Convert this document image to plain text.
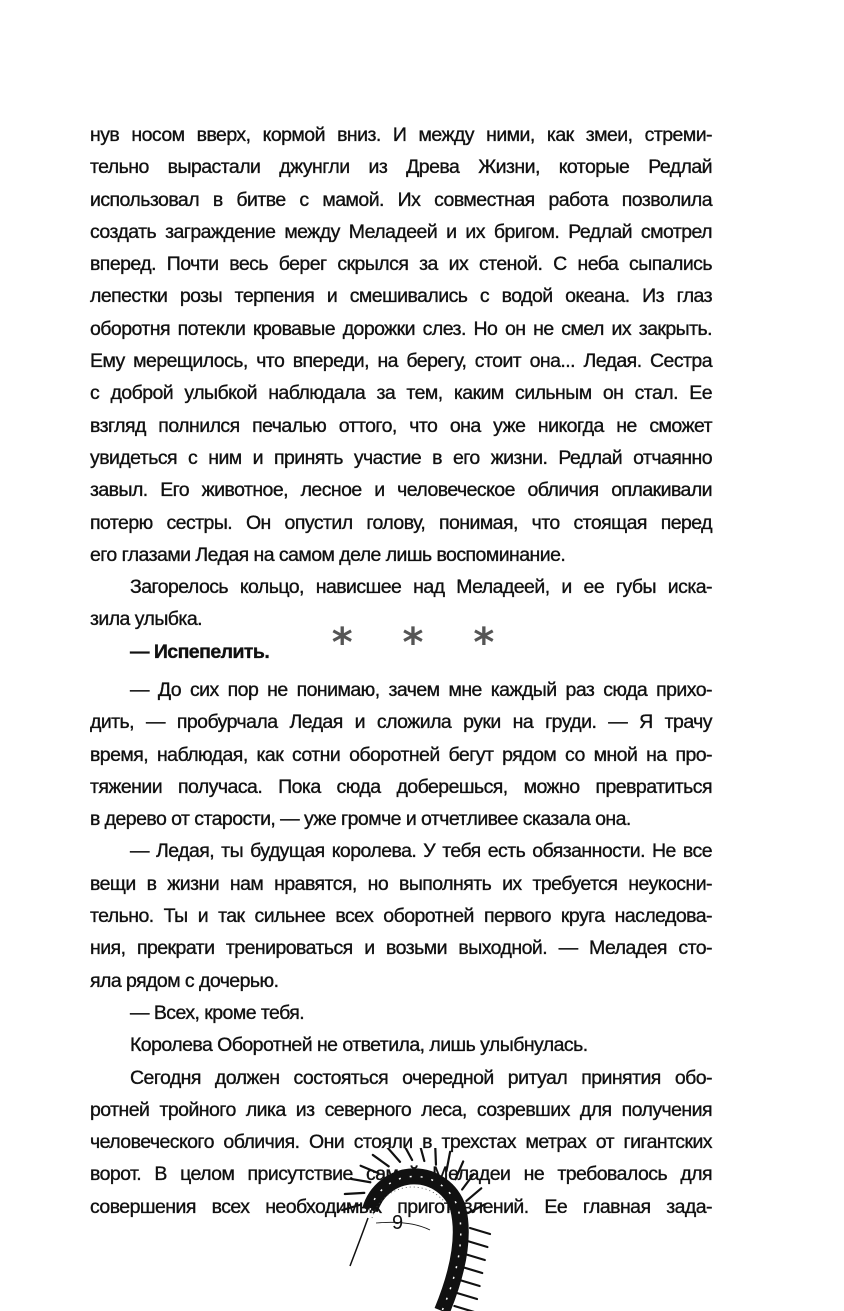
нув носом вверх, кормой вниз. И между ними, как змеи, стреми-
тельно вырастали джунгли из Древа Жизни, которые Редлай
использовал в битве с мамой. Их совместная работа позволила
создать заграждение между Меладеей и их бригом. Редлай смотрел
вперед. Почти весь берег скрылся за их стеной. С неба сыпались
лепестки розы терпения и смешивались с водой океана. Из глаз
оборотня потекли кровавые дорожки слез. Но он не смел их закрыть.
Ему мерещилось, что впереди, на берегу, стоит она... Ледая. Сестра
с доброй улыбкой наблюдала за тем, каким сильным он стал. Ее
взгляд полнился печалью оттого, что она уже никогда не сможет
увидеться с ним и принять участие в его жизни. Редлай отчаянно
завыл. Его животное, лесное и человеческое обличия оплакивали
потерю сестры. Он опустил голову, понимая, что стоящая перед
его глазами Ледая на самом деле лишь воспоминание.
Загорелось кольцо, нависшее над Меладеей, и ее губы иска-
зила улыбка.
— Испепелить.	* * *
— До сих пор не понимаю, зачем мне каждый раз сюда прихо-
дить, — пробурчала Ледая и сложила руки на груди. — Я трачу
время, наблюдая, как сотни оборотней бегут рядом со мной на про-
тяжении получаса. Пока сюда доберешься, можно превратиться
в дерево от старости, — уже громче и отчетливее сказала она.
— Ледая, ты будущая королева. У тебя есть обязанности. Не все
вещи в жизни нам нравятся, но выполнять их требуется неукосни-
тельно. Ты и так сильнее всех оборотней первого круга наследова-
ния, прекрати тренироваться и возьми выходной. — Меладея сто-
яла рядом с дочерью.
— Всех, кроме тебя.
Королева Оборотней не ответила, лишь улыбнулась.
Сегодня должен состояться очередной ритуал принятия обо-
ротней тройного лика из северного леса, созревших для получения
человеческого обличия. Они стояли в трехстах метрах от гигантских
ворот. В целом присутствие самой Меладеи не требовалось для
совершения всех необходимых приготовлений. Ее главная зада-
9
